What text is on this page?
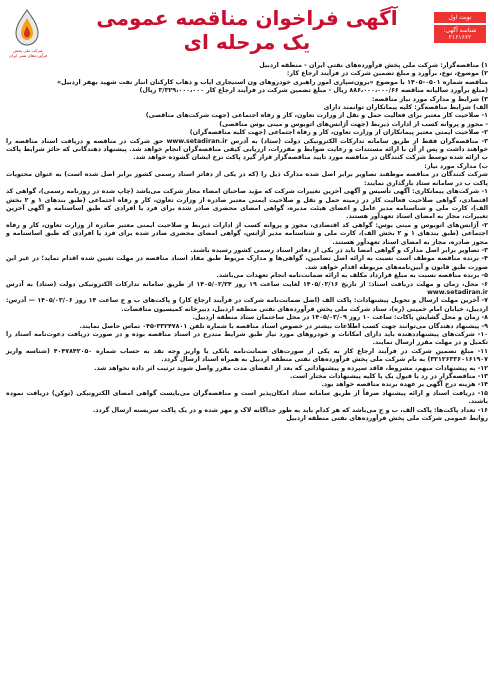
شرکت ملی پخش فرآورده‌های نفتی ایران
آگهی فراخوان مناقصه عمومی
یک مرحله ای
نوبت اول
شناسه آگهی: ۲۱۶۱۶۶۲

۱) مناقصه‌گزار: شرکت ملی پخش فرآورده‌های نفتی ایران - منطقه اردبیل

۲) موضوع، نوع، برآورد و مبلغ تضمین شرکت در فرآیند ارجاع کار:

مناقصه شماره ۰۵۰۱-۱۴۰۵ با موضوع «برون‌سپاری امور راهبری خودروهای ون استیجاری ایاب و ذهاب کارکنان انبار نفت شهید بهفر اردبیل»

(مبلغ برآورد سالیانه مناقصه ۸۸۶،۰۰۰،۰۰۰/۶۶ ریال - مبلغ تضمین شرکت در فرآیند ارجاع کار ۳/۳۲۹،۰۰۰،۰۰۰ ریال)

۳) شرایط و مدارک مورد نیاز مناقصه:

الف) شرایط مناقصه‌گر: کلیه پیمانکاران توانمند دارای

۱- صلاحیت کار معتبر برای فعالیت حمل و نقل از وزارت تعاون، کار و رفاه اجتماعی (جهت شرکت‌های مناقصی)

- مجوز و پروانه کسب از ادارات ذیربط (جهت آژانس‌های اتوبوس و مینی بوس مناقصی)

۲- صلاحیت ایمنی معتبر پیمانکاران از وزارت تعاون، کار و رفاه اجتماعی (جهت کلیه مناقصه‌گران)

۳- مناقصه‌گران فقط از طریق سامانه تدارکات الکترونیکی دولت (ستاد) به آدرس www.setadiran.ir حق شرکت در مناقصه و دریافت اسناد مناقصه را خواهند داشت و پس از آن با ارائه مستندات و رعایت ضوابط و مقررات، ارزیابی کیفی مناقصه‌گران انجام خواهد شد. پیشنهاد دهندگانی که حائز شرایط پاکت ب ارائه شده توسط شرکت کنندگان در مناقصه مورد تایید مناقصه‌گزار قرار گیرد پاکت نرخ ایشان گشوده خواهد شد.

ب) مدارک مورد نیاز:

شرکت کنندگان در مناقصه موظفند تصاویر برابر اصل شده مدارک ذیل را (که در یکی از دفاتر اسناد رسمی کشور برابر اصل شده است) به عنوان محتویات پاکت ب در سامانه ستاد بارگذاری نمایند:

۱- شرکت‌های پیمانکاری: آگهی تأسیس و آگهی آخرین تغییرات شرکت که مؤید صاحبان امضاء مجاز شرکت می‌باشد (چاپ شده در روزنامه رسمی)، گواهی کد اقتصادی، گواهی صلاحیت فعالیت کار در زمینه حمل و نقل و صلاحیت ایمنی معتبر صادره از وزارت تعاون، کار و رفاه اجتماعی (طبق بندهای ۱ و ۲ بخش الف)، کارت ملی و شناسنامه مدیر عامل و اعضای هیئت مدیره، گواهی امضای محضری صادر شده برای فرد یا افرادی که طبق اساسنامه و آگهی آخرین تغییرات، مجاز به امضای اسناد تعهدآور هستند.

۲- آژانس‌های اتوبوس و مینی بوس: گواهی کد اقتصادی، مجوز و پروانه کسب از ادارات ذیربط و صلاحیت ایمنی معتبر صادره از وزارت تعاون، کار و رفاه اجتماعی (طبق بندهای ۱ و ۲ بخش الف)، کارت ملی و شناسنامه مدیر آژانس، گواهی امضای محضری صادر شده برای فرد یا افرادی که طبق اساسنامه و مجوز صادره، مجاز به امضای اسناد تعهدآور هستند.

۳- تصاویر برابر اصل مدارک و گواهی امضا باید در یکی از دفاتر اسناد رسمی کشور رسیده باشند.

۴- برنده مناقصه موظف است نسبت به ارائه اصل تضامین، گواهی‌ها و مدارک مربوط طبق مفاد اسناد مناقصه در مهلت تعیین شده اقدام نماید؛ در غیر این صورت طبق قانون و آیین‌نامه‌های مربوطه اقدام خواهد شد.

۵- برنده مناقصه نسبت به مبلغ قرارداد مکلف به ارائه ضمانت‌نامه انجام تعهدات می‌باشد.

۶- محل، زمان و مهلت دریافت اسناد: از تاریخ ۱۴۰۵/۰۲/۱۶ لغایت ساعت ۱۹ روز ۱۴۰۵/۰۲/۲۴ از طریق سامانه تدارکات الکترونیکی دولت (ستاد) به آدرس www.setadiran.ir

۷- آخرین مهلت ارسال و تحویل پیشنهادات: پاکت الف (اصل ضمانت‌نامه شرکت در فرآیند ارجاع کار) و پاکت‌های ب و ج ساعت ۱۴ روز ۱۴۰۵/۰۳/۰۶ — آدرس: اردبیل، خیابان امام خمینی (ره)، ستاد شرکت ملی پخش فرآورده‌های نفتی منطقه اردبیل، دبیرخانه کمیسیون مناقصات.

۸- زمان و محل گشایش پاکات: ساعت ۱۰ روز ۱۴۰۵/۰۳/۰۹ در محل ساختمان ستاد منطقه اردبیل.

۹- پیشنهاد دهندگان می‌توانند جهت کسب اطلاعات بیشتر در خصوص اسناد مناقصه با شماره تلفن ۳۳۲۴۷۸۰۱-۰۴۵ تماس حاصل نمایند.

۱۰- شرکت‌های پیشنهاددهنده باید دارای امکانات و خودروهای مورد نیاز طبق شرایط مندرج در اسناد مناقصه بوده و در صورت دریافت دعوت‌نامه اسناد را تکمیل و در مهلت مقرر ارسال نمایند.

۱۱- مبلغ تضمین شرکت در فرآیند ارجاع کار به یکی از صورت‌های ضمانت‌نامه بانکی یا واریز وجه نقد به حساب شماره ۴۰۴۷۸۴۲۰۵۰ (شناسه واریز ۳۲۱۲۶۳۳۶۰۱۶۱۹۰۷) به نام شرکت ملی پخش فرآورده‌های نفتی منطقه اردبیل به همراه اسناد ارسال گردد.

۱۲- به پیشنهادات مبهم، مشروط، فاقد سپرده و پیشنهاداتی که بعد از انقضای مدت مقرر واصل شوند ترتیب اثر داده نخواهد شد.

۱۳- مناقصه‌گزار در رد یا قبول یک یا کلیه پیشنهادات مختار است.

۱۴- هزینه درج آگهی بر عهده برنده مناقصه خواهد بود.

۱۵- دریافت اسناد و ارائه پیشنهاد صرفاً از طریق سامانه ستاد امکان‌پذیر است و مناقصه‌گران می‌بایست گواهی امضای الکترونیکی (توکن) دریافت نموده باشند.

۱۶- تعداد پاکت‌ها: پاکت الف، ب و ج می‌باشد که هر کدام باید به طور جداگانه لاک و مهر شده و در یک پاکت سربسته ارسال گردد.

روابط عمومی شرکت ملی پخش فرآورده‌های نفتی منطقه اردبیل
